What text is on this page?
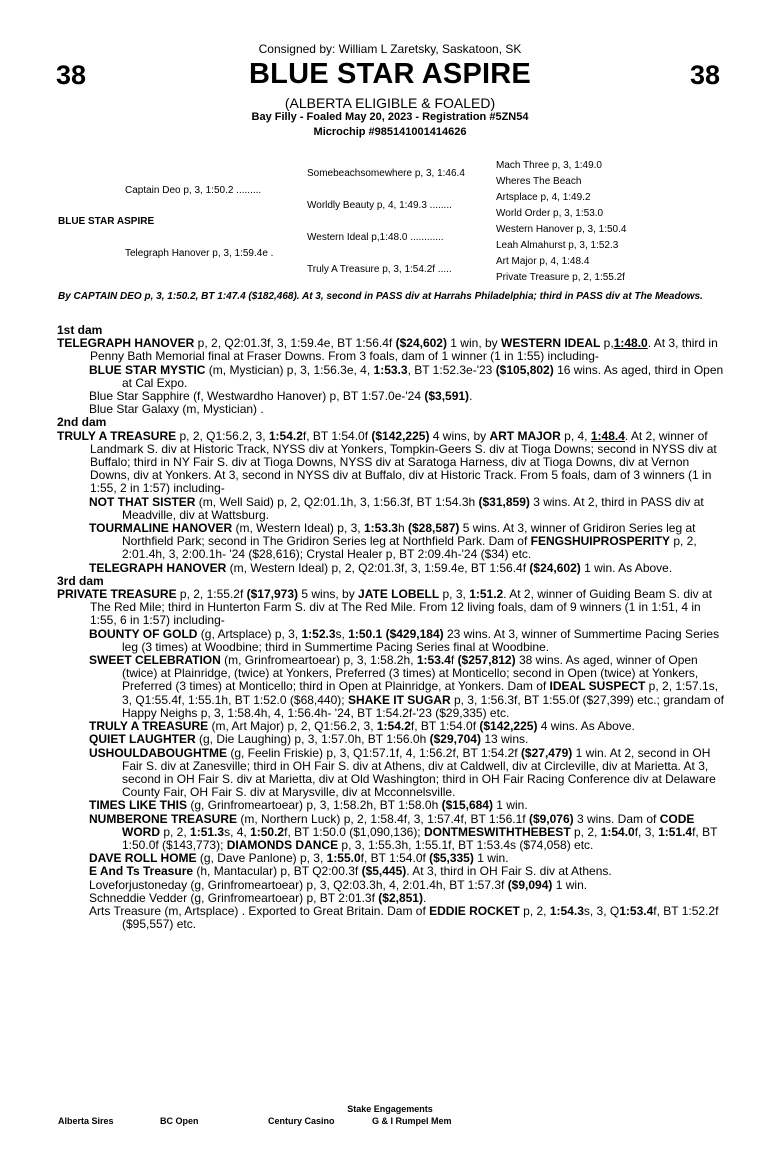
Consigned by: William L Zaretsky, Saskatoon, SK
38	BLUE STAR ASPIRE	38
(ALBERTA ELIGIBLE & FOALED)
Bay Filly - Foaled May 20, 2023 - Registration #5ZN54
Microchip #985141001414626
Captain Deo p, 3, 1:50.2 .........
BLUE STAR ASPIRE
Telegraph Hanover p, 3, 1:59.4e .
Somebeachsomewhere p, 3, 1:46.4
Worldly Beauty p, 4, 1:49.3 ........
Western Ideal p,1:48.0 ............
Truly A Treasure p, 3, 1:54.2f .....
Mach Three p, 3, 1:49.0
Wheres The Beach
Artsplace p, 4, 1:49.2
World Order p, 3, 1:53.0
Western Hanover p, 3, 1:50.4
Leah Almahurst p, 3, 1:52.3
Art Major p, 4, 1:48.4
Private Treasure p, 2, 1:55.2f
By CAPTAIN DEO p, 3, 1:50.2, BT 1:47.4 ($182,468). At 3, second in PASS div at Harrahs Philadelphia; third in PASS div at The Meadows.
1st dam
TELEGRAPH HANOVER p, 2, Q2:01.3f, 3, 1:59.4e, BT 1:56.4f ($24,602) 1 win, by WESTERN IDEAL p,1:48.0. At 3, third in Penny Bath Memorial final at Fraser Downs. From 3 foals, dam of 1 winner (1 in 1:55) including-
BLUE STAR MYSTIC (m, Mystician) p, 3, 1:56.3e, 4, 1:53.3, BT 1:52.3e-'23 ($105,802) 16 wins. As aged, third in Open at Cal Expo.
Blue Star Sapphire (f, Westwardho Hanover) p, BT 1:57.0e-'24 ($3,591).
Blue Star Galaxy (m, Mystician) .
2nd dam
TRULY A TREASURE p, 2, Q1:56.2, 3, 1:54.2f, BT 1:54.0f ($142,225) 4 wins, by ART MAJOR p, 4, 1:48.4. At 2, winner of Landmark S. div at Historic Track, NYSS div at Yonkers, Tompkin-Geers S. div at Tioga Downs; second in NYSS div at Buffalo; third in NY Fair S. div at Tioga Downs, NYSS div at Saratoga Harness, div at Tioga Downs, div at Vernon Downs, div at Yonkers. At 3, second in NYSS div at Buffalo, div at Historic Track. From 5 foals, dam of 3 winners (1 in 1:55, 2 in 1:57) including-
NOT THAT SISTER (m, Well Said) p, 2, Q2:01.1h, 3, 1:56.3f, BT 1:54.3h ($31,859) 3 wins. At 2, third in PASS div at Meadville, div at Wattsburg.
TOURMALINE HANOVER (m, Western Ideal) p, 3, 1:53.3h ($28,587) 5 wins. At 3, winner of Gridiron Series leg at Northfield Park; second in The Gridiron Series leg at Northfield Park. Dam of FENGSHUIPROSPERITY p, 2, 2:01.4h, 3, 2:00.1h- '24 ($28,616); Crystal Healer p, BT 2:09.4h-'24 ($34) etc.
TELEGRAPH HANOVER (m, Western Ideal) p, 2, Q2:01.3f, 3, 1:59.4e, BT 1:56.4f ($24,602) 1 win. As Above.
3rd dam
PRIVATE TREASURE p, 2, 1:55.2f ($17,973) 5 wins, by JATE LOBELL p, 3, 1:51.2. At 2, winner of Guiding Beam S. div at The Red Mile; third in Hunterton Farm S. div at The Red Mile. From 12 living foals, dam of 9 winners (1 in 1:51, 4 in 1:55, 6 in 1:57) including-
BOUNTY OF GOLD (g, Artsplace) p, 3, 1:52.3s, 1:50.1 ($429,184) 23 wins. At 3, winner of Summertime Pacing Series leg (3 times) at Woodbine; third in Summertime Pacing Series final at Woodbine.
SWEET CELEBRATION (m, Grinfromeartoear) p, 3, 1:58.2h, 1:53.4f ($257,812) 38 wins. As aged, winner of Open (twice) at Plainridge, (twice) at Yonkers, Preferred (3 times) at Monticello; second in Open (twice) at Yonkers, Preferred (3 times) at Monticello; third in Open at Plainridge, at Yonkers. Dam of IDEAL SUSPECT p, 2, 1:57.1s, 3, Q1:55.4f, 1:55.1h, BT 1:52.0 ($68,440); SHAKE IT SUGAR p, 3, 1:56.3f, BT 1:55.0f ($27,399) etc.; grandam of Happy Neighs p, 3, 1:58.4h, 4, 1:56.4h- '24, BT 1:54.2f-'23 ($29,335) etc.
TRULY A TREASURE (m, Art Major) p, 2, Q1:56.2, 3, 1:54.2f, BT 1:54.0f ($142,225) 4 wins. As Above.
QUIET LAUGHTER (g, Die Laughing) p, 3, 1:57.0h, BT 1:56.0h ($29,704) 13 wins.
USHOULDABOUGHTME (g, Feelin Friskie) p, 3, Q1:57.1f, 4, 1:56.2f, BT 1:54.2f ($27,479) 1 win. At 2, second in OH Fair S. div at Zanesville; third in OH Fair S. div at Athens, div at Caldwell, div at Circleville, div at Marietta. At 3, second in OH Fair S. div at Marietta, div at Old Washington; third in OH Fair Racing Conference div at Delaware County Fair, OH Fair S. div at Marysville, div at Mcconnelsville.
TIMES LIKE THIS (g, Grinfromeartoear) p, 3, 1:58.2h, BT 1:58.0h ($15,684) 1 win.
NUMBERONE TREASURE (m, Northern Luck) p, 2, 1:58.4f, 3, 1:57.4f, BT 1:56.1f ($9,076) 3 wins. Dam of CODE WORD p, 2, 1:51.3s, 4, 1:50.2f, BT 1:50.0 ($1,090,136); DONTMESWITHTHEBEST p, 2, 1:54.0f, 3, 1:51.4f, BT 1:50.0f ($143,773); DIAMONDS DANCE p, 3, 1:55.3h, 1:55.1f, BT 1:53.4s ($74,058) etc.
DAVE ROLL HOME (g, Dave Panlone) p, 3, 1:55.0f, BT 1:54.0f ($5,335) 1 win.
E And Ts Treasure (h, Mantacular) p, BT Q2:00.3f ($5,445). At 3, third in OH Fair S. div at Athens.
Loveforjustoneday (g, Grinfromeartoear) p, 3, Q2:03.3h, 4, 2:01.4h, BT 1:57.3f ($9,094) 1 win.
Schneddie Vedder (g, Grinfromeartoear) p, BT 2:01.3f ($2,851).
Arts Treasure (m, Artsplace) . Exported to Great Britain. Dam of EDDIE ROCKET p, 2, 1:54.3s, 3, Q1:53.4f, BT 1:52.2f ($95,557) etc.
Stake Engagements
Alberta Sires	BC Open	Century Casino	G & I Rumpel Mem
